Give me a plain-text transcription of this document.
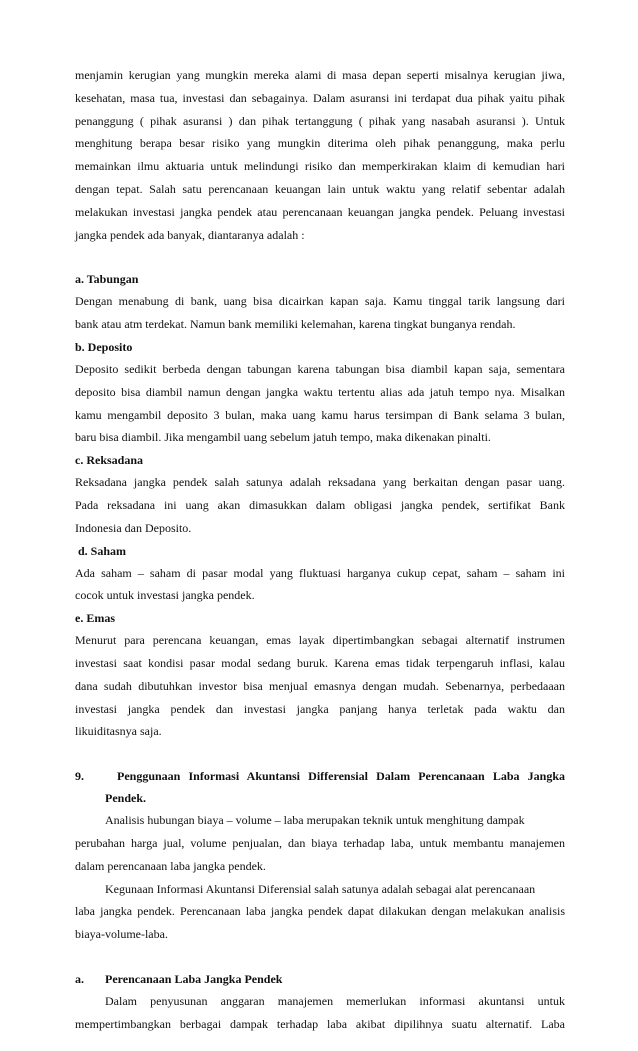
menjamin kerugian yang mungkin mereka alami di masa depan seperti misalnya kerugian jiwa,
kesehatan, masa tua, investasi dan sebagainya. Dalam asuransi ini terdapat dua pihak yaitu pihak
penanggung ( pihak asuransi ) dan pihak tertanggung ( pihak yang nasabah asuransi ). Untuk
menghitung berapa besar risiko yang mungkin diterima oleh pihak penanggung, maka perlu
memainkan ilmu aktuaria untuk melindungi risiko dan memperkirakan klaim di kemudian hari
dengan tepat. Salah satu perencanaan keuangan lain untuk waktu yang relatif sebentar adalah
melakukan investasi jangka pendek atau perencanaan keuangan jangka pendek. Peluang investasi
jangka pendek ada banyak, diantaranya adalah :

a. Tabungan

Dengan menabung di bank, uang bisa dicairkan kapan saja. Kamu tinggal tarik langsung dari
bank atau atm terdekat. Namun bank memiliki kelemahan, karena tingkat bunganya rendah.

b. Deposito

Deposito sedikit berbeda dengan tabungan karena tabungan bisa diambil kapan saja, sementara
deposito bisa diambil namun dengan jangka waktu tertentu alias ada jatuh tempo nya. Misalkan
kamu mengambil deposito 3 bulan, maka uang kamu harus tersimpan di Bank selama 3 bulan,
baru bisa diambil. Jika mengambil uang sebelum jatuh tempo, maka dikenakan pinalti.

c. Reksadana

Reksadana jangka pendek salah satunya adalah reksadana yang berkaitan dengan pasar uang.
Pada reksadana ini uang akan dimasukkan dalam obligasi jangka pendek, sertifikat Bank
Indonesia dan Deposito.

d. Saham

Ada saham – saham di pasar modal yang fluktuasi harganya cukup cepat, saham – saham ini
cocok untuk investasi jangka pendek.

e. Emas

Menurut para perencana keuangan, emas layak dipertimbangkan sebagai alternatif instrumen
investasi saat kondisi pasar modal sedang buruk. Karena emas tidak terpengaruh inflasi, kalau
dana sudah dibutuhkan investor bisa menjual emasnya dengan mudah. Sebenarnya, perbedaaan
investasi jangka pendek dan investasi jangka panjang hanya terletak pada waktu dan
likuiditasnya saja.
9.	Penggunaan Informasi Akuntansi Differensial Dalam Perencanaan Laba Jangka
Pendek.
Analisis hubungan biaya – volume – laba merupakan teknik untuk menghitung dampak
perubahan harga jual, volume penjualan, dan biaya terhadap laba, untuk membantu manajemen
dalam perencanaan laba jangka pendek.
Kegunaan Informasi Akuntansi Diferensial salah satunya adalah sebagai alat perencanaan
laba jangka pendek. Perencanaan laba jangka pendek dapat dilakukan dengan melakukan analisis
biaya-volume-laba.
a.	Perencanaan Laba Jangka Pendek
Dalam penyusunan anggaran manajemen memerlukan informasi akuntansi untuk
mempertimbangkan berbagai dampak terhadap laba akibat dipilihnya suatu alternatif. Laba
